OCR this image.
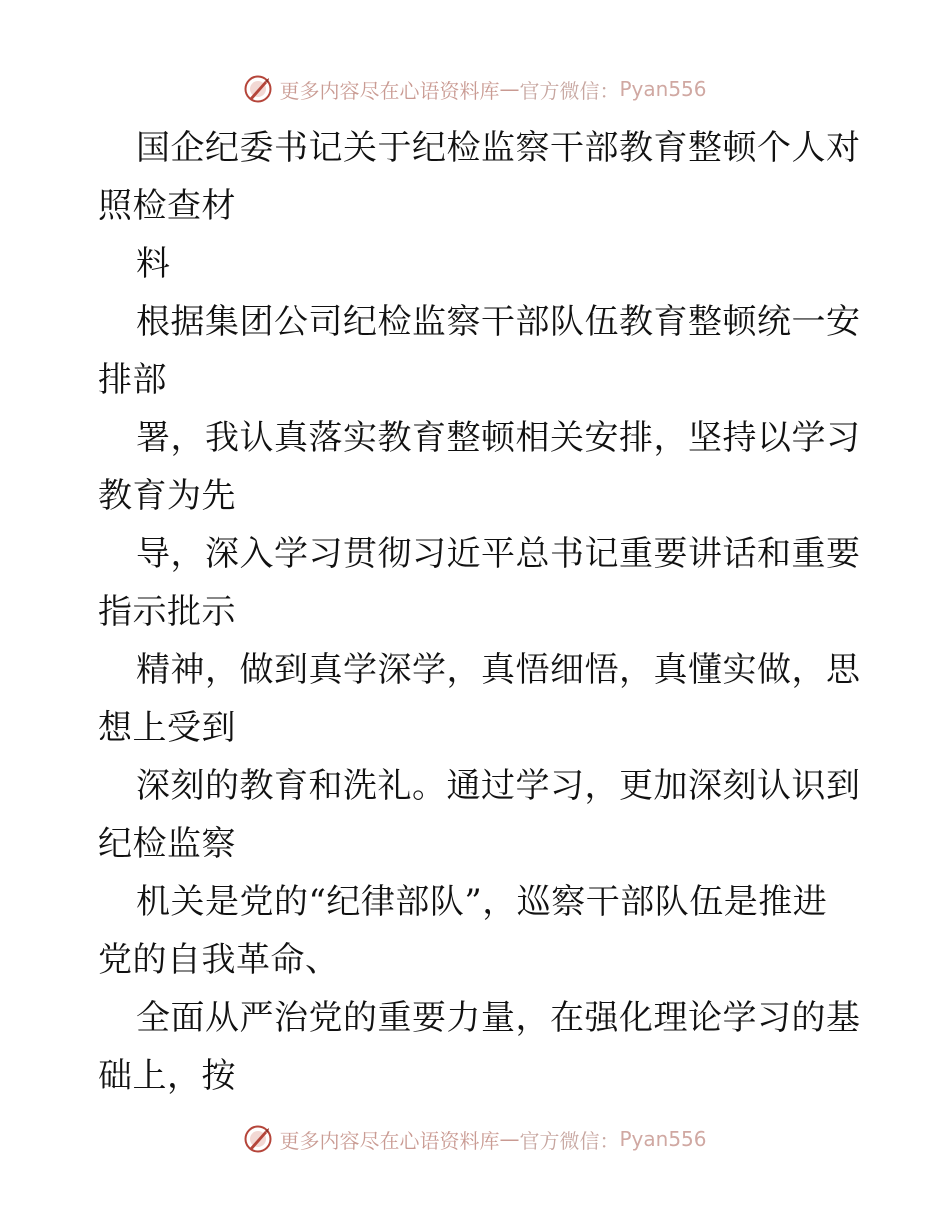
更多内容尽在心语资料库 — 官方微信： Pyan556
国企纪委书记关于纪检监察干部教育整顿个人对
照检查材
料
根据集团公司纪检监察干部队伍教育整顿统一安
排部
署，我认真落实教育整顿相关安排，坚持以学习
教育为先
导，深入学习贯彻习近平总书记重要讲话和重要
指示批示
精神，做到真学深学，真悟细悟，真懂实做，思
想上受到
深刻的教育和洗礼。通过学习，更加深刻认识到
纪检监察
机关是党的“纪律部队”，巡察干部队伍是推进
党的自我革命、
全面从严治党的重要力量，在强化理论学习的基
础上，按
更多内容尽在心语资料库 — 官方微信： Pyan556
